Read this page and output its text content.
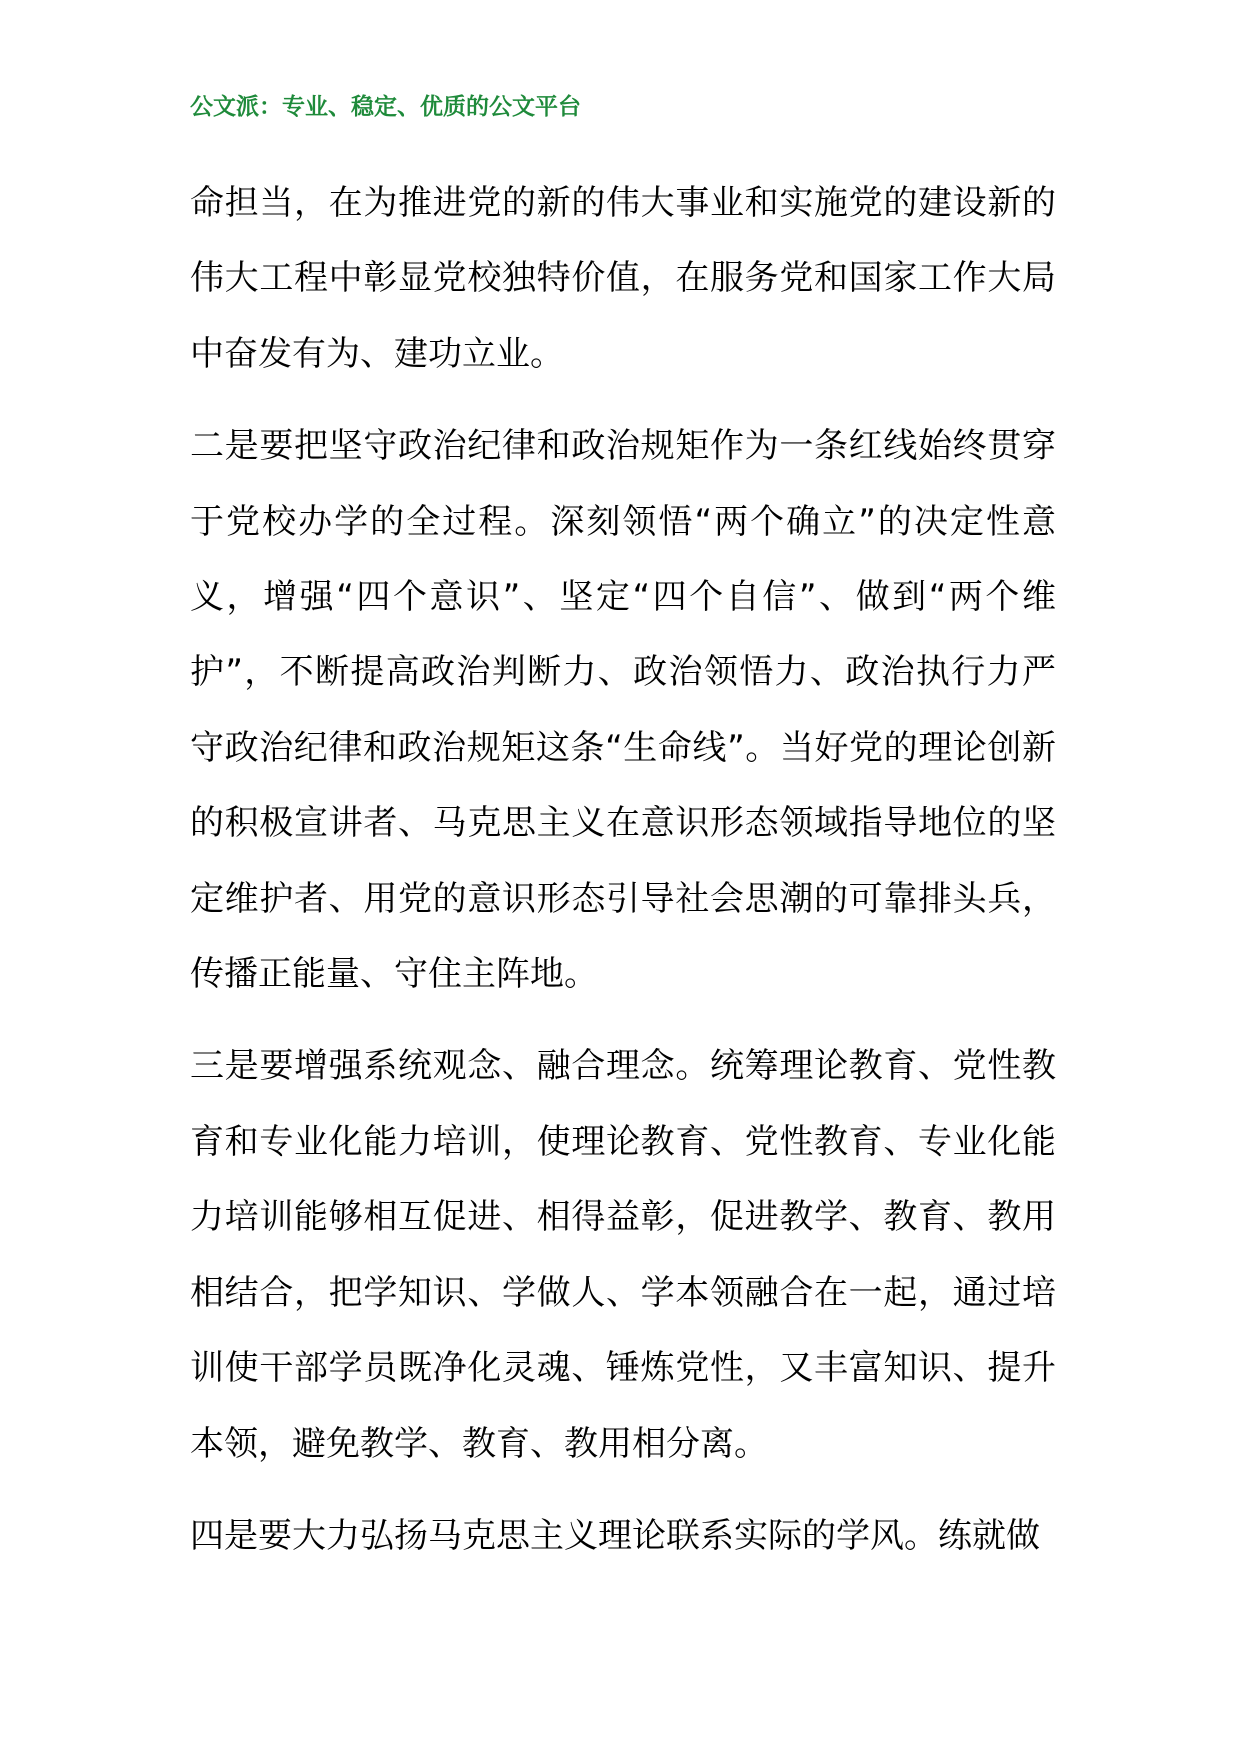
公文派：专业、稳定、优质的公文平台

命担当，在为推进党的新的伟大事业和实施党的建设新的伟大工程中彰显党校独特价值，在服务党和国家工作大局中奋发有为、建功立业。

二是要把坚守政治纪律和政治规矩作为一条红线始终贯穿于党校办学的全过程。深刻领悟“两个确立”的决定性意义，增强“四个意识”、坚定“四个自信”、做到“两个维护”，不断提高政治判断力、政治领悟力、政治执行力严守政治纪律和政治规矩这条“生命线”。当好党的理论创新的积极宣讲者、马克思主义在意识形态领域指导地位的坚定维护者、用党的意识形态引导社会思潮的可靠排头兵，传播正能量、守住主阵地。

三是要增强系统观念、融合理念。统筹理论教育、党性教育和专业化能力培训，使理论教育、党性教育、专业化能力培训能够相互促进、相得益彰，促进教学、教育、教用相结合，把学知识、学做人、学本领融合在一起，通过培训使干部学员既净化灵魂、锤炼党性，又丰富知识、提升本领，避免教学、教育、教用相分离。

四是要大力弘扬马克思主义理论联系实际的学风。练就做
